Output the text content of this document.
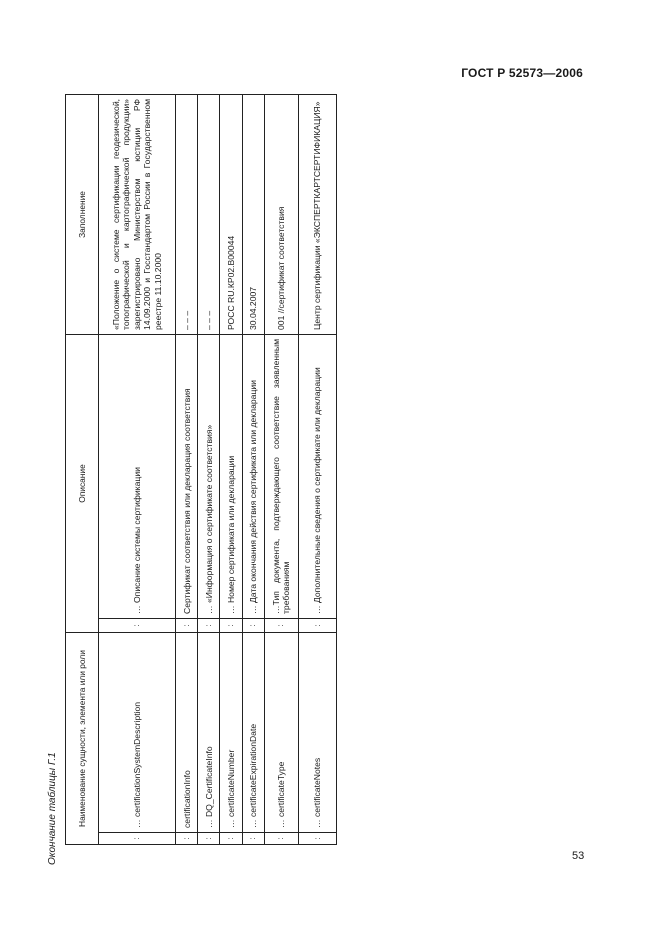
ГОСТ Р 52573—2006
Окончание таблицы Г.1 Наименование сущности, элемента или роли		Описание		Заполнение
:	… certificationSystemDescription	:	… Описание системы сертификации	«Положение о системе сертификации геодезической, топографической и картографической продукции» зарегистрировано Министерством юстиции РФ 14.09.2000 и Госстандартом России в Государственном реестре 11.10.2000
:	certificationInfo	:	Сертификат соответствия или декларация соответствия	– – –
:	… DQ_CertificateInfo	:	… «Информация о сертификате соответствия»	– – –
:	… certificateNumber	:	… Номер сертификата или декларации	РОСС RU.КР02.В00044
:	… certificateExpirationDate	:	… Дата окончания действия сертификата или декларации	30.04.2007
:	… certificateType	:	…Тип документа, подтверждающего соответствие заявленным требованиям	001 //сертификат соответствия
:	… certificateNotes	:	… Дополнительные сведения о сертификате или декларации	Центр сертификации «ЭКСПЕРТКАРТСЕРТИФИКАЦИЯ»
53
